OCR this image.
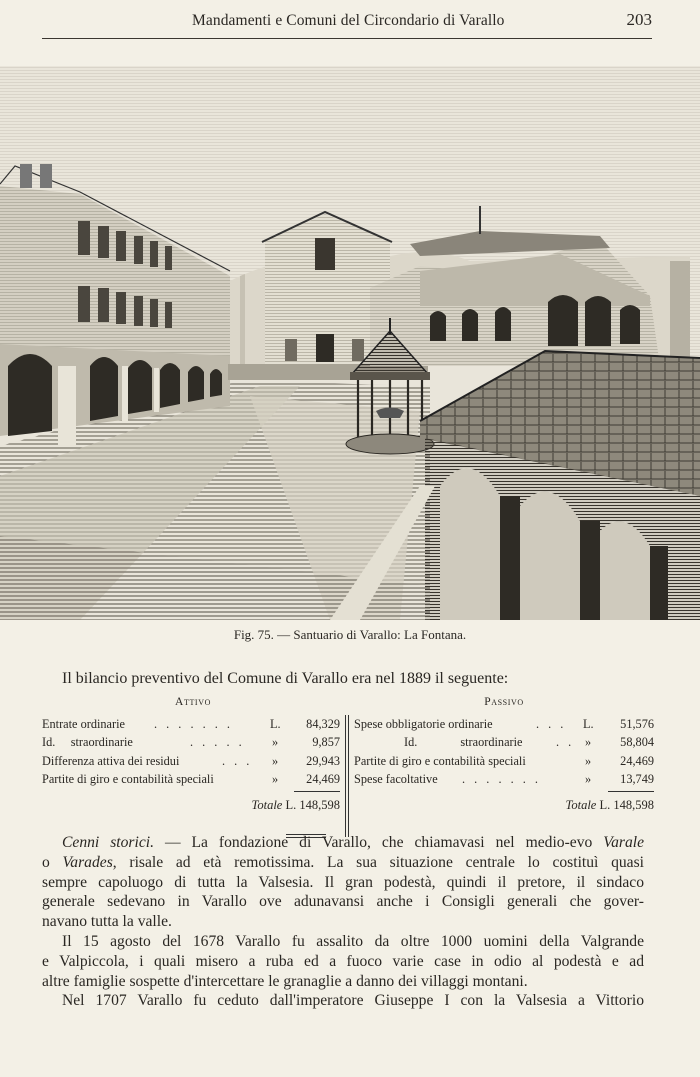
Mandamenti e Comuni del Circondario di Varallo	203
Fig. 75. — Santuario di Varallo: La Fontana.
Il bilancio preventivo del Comune di Varallo era nel 1889 il seguente:
Attivo
Entrate ordinarie . . . . . . .	L. 84,329
Id.     straordinarie	. . . . . »	9,857
Differenza attiva dei residui	. . . » 29,943
Partite di giro e contabilità speciali	» 24,469
Totale L. 148,598
Passivo
Spese obbligatorie ordinarie	. . . L. 51,576
Id.              straordinarie	. . » 58,804
Partite di giro e contabilità speciali	» 24,469
Spese facoltative . . . . . . .	» 13,749
Totale L. 148,598
Cenni storici. — La fondazione di Varallo, che chiamavasi nel medio-evo Varale
o Varades, risale ad età remotissima. La sua situazione centrale lo costituì quasi
sempre capoluogo di tutta la Valsesia. Il gran podestà, quindi il pretore, il sindaco
generale sedevano in Varallo ove adunavansi anche i Consigli generali che gover-
navano tutta la valle.
Il 15 agosto del 1678 Varallo fu assalito da oltre 1000 uomini della Valgrande
e Valpiccola, i quali misero a ruba ed a fuoco varie case in odio al podestà e ad
altre famiglie sospette d'intercettare le granaglie a danno dei villaggi montani.
Nel 1707 Varallo fu ceduto dall'imperatore Giuseppe I con la Valsesia a Vittorio
